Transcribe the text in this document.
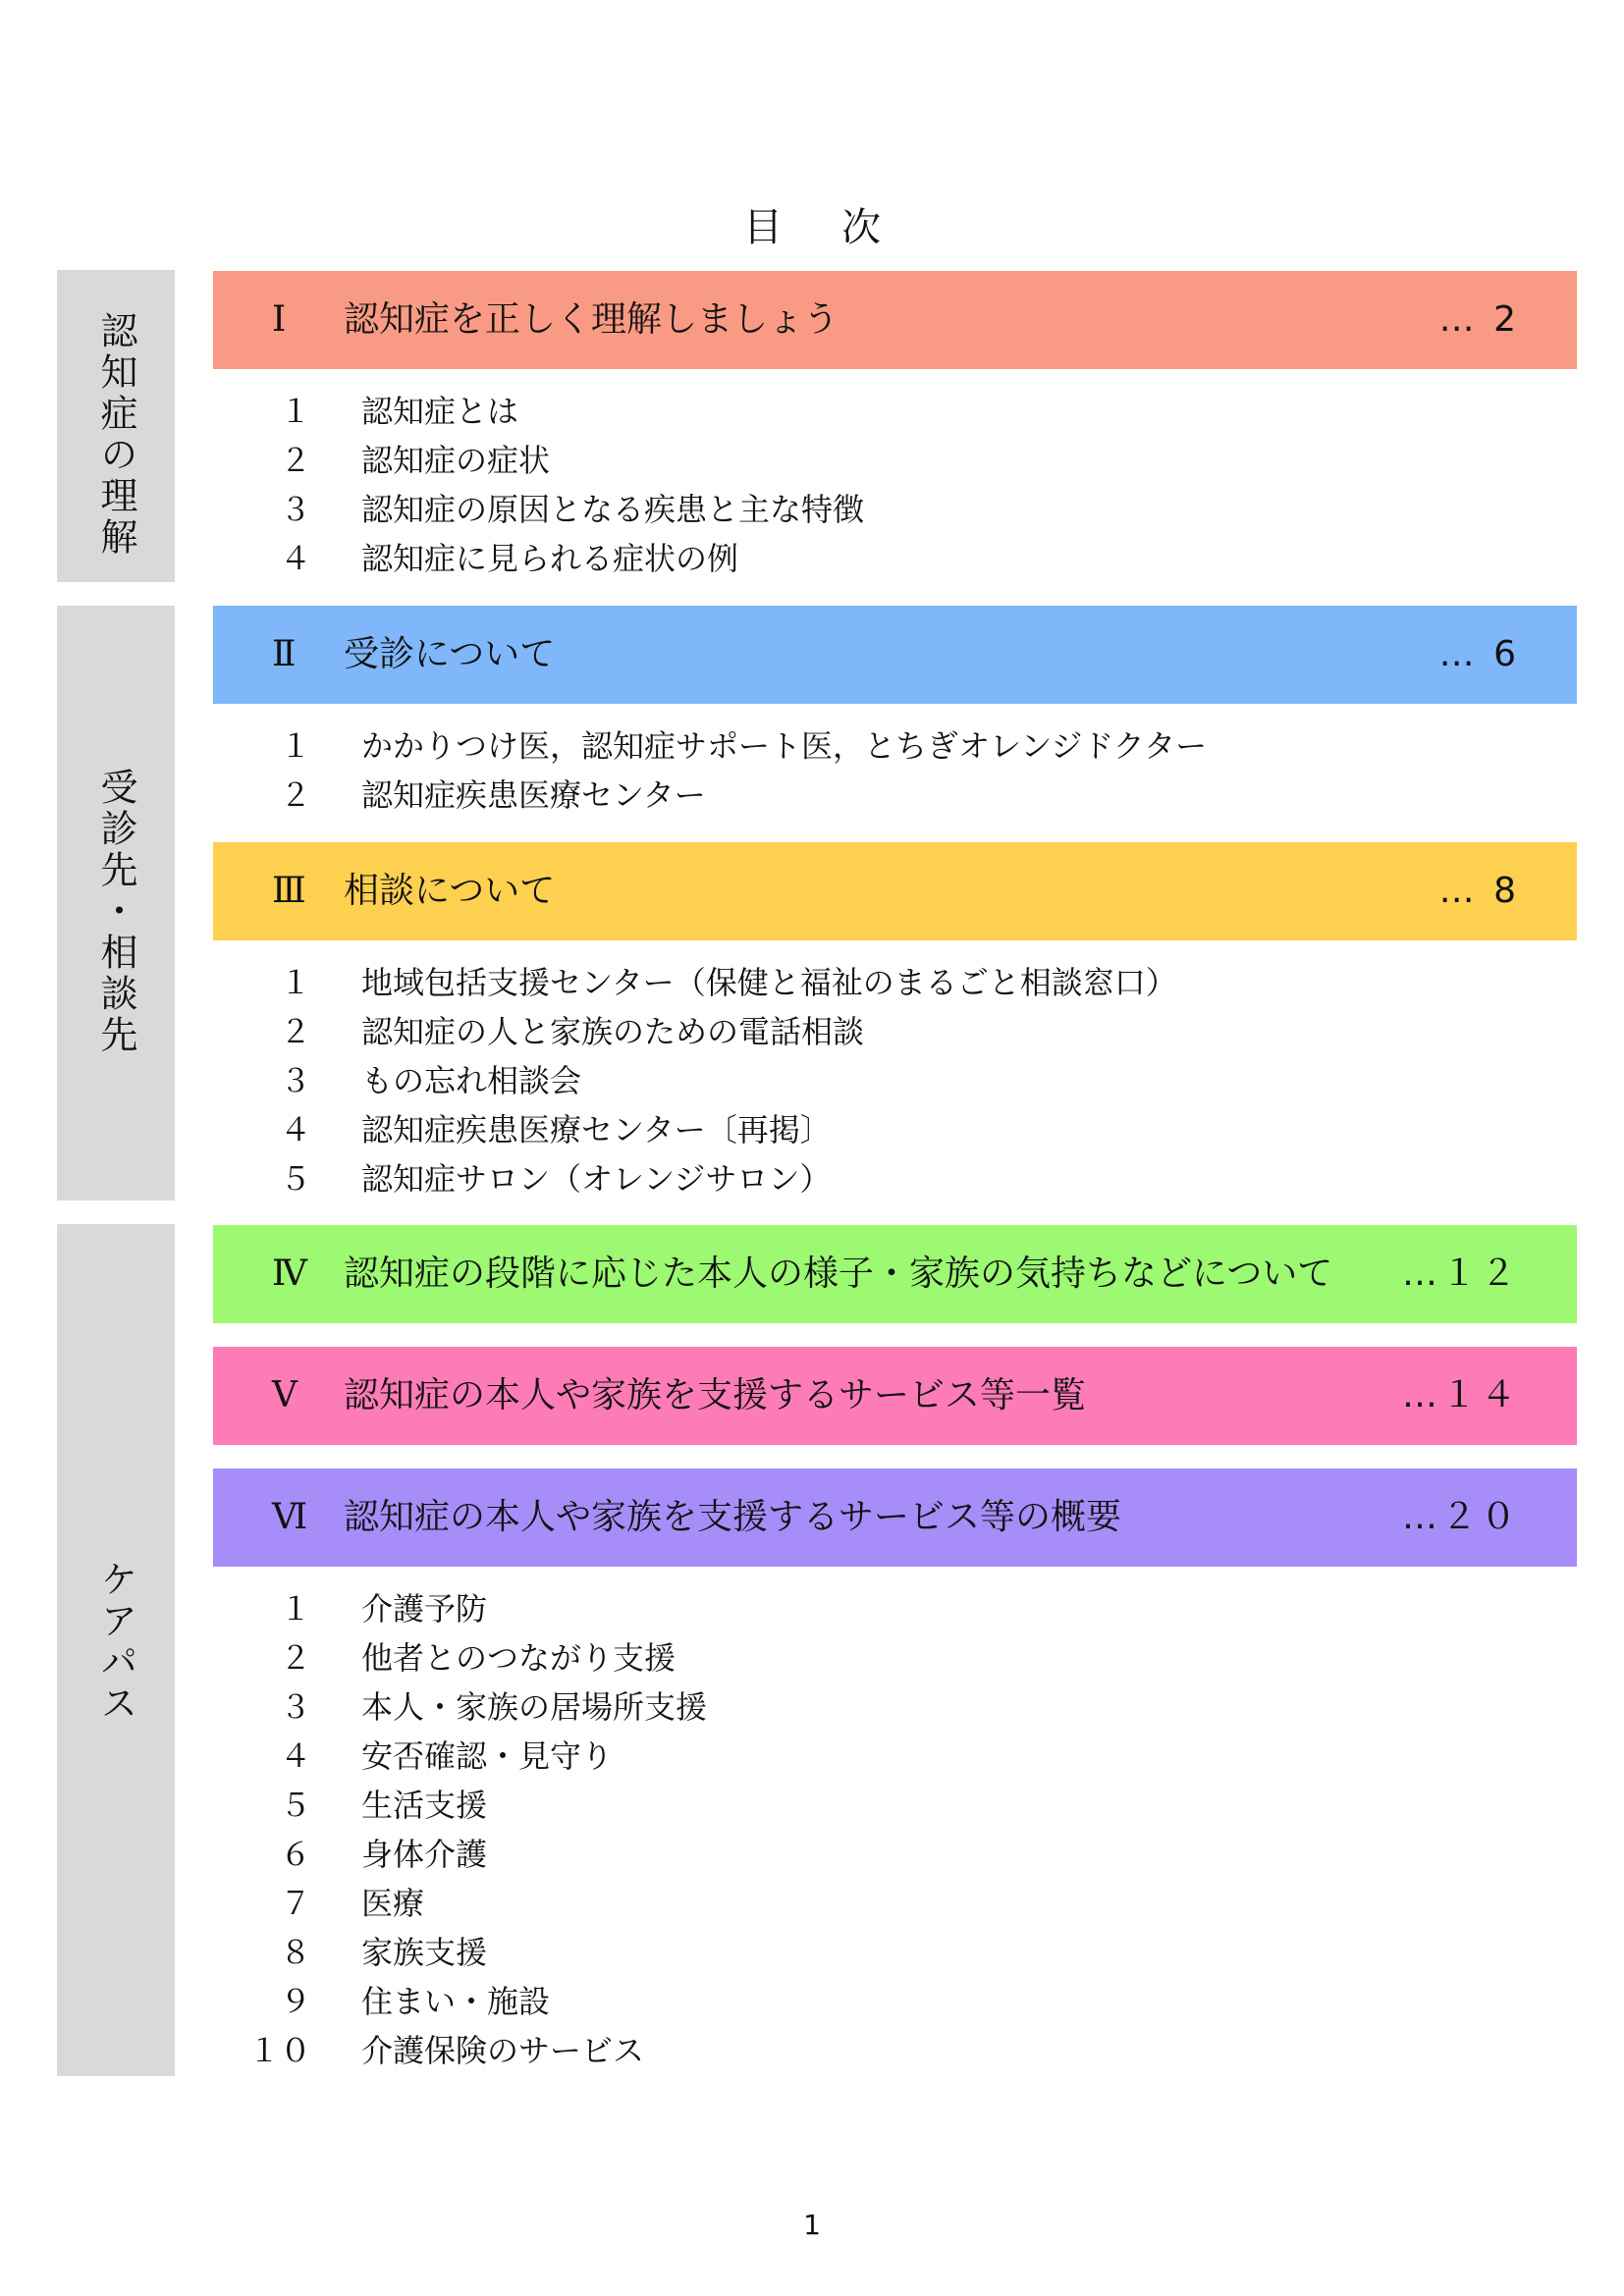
目次
認知症の理解
受診先・相談先
ケアパス
Ⅰ 認知症を正しく理解しましょう	… 2
１ 認知症とは
２ 認知症の症状
３ 認知症の原因となる疾患と主な特徴
４ 認知症に見られる症状の例
Ⅱ 受診について	… 6
１ かかりつけ医，認知症サポート医，とちぎオレンジドクター
２ 認知症疾患医療センター
Ⅲ 相談について	… 8
１ 地域包括支援センター（保健と福祉のまるごと相談窓口）
２ 認知症の人と家族のための電話相談
３ もの忘れ相談会
４ 認知症疾患医療センター〔再掲〕
５ 認知症サロン（オレンジサロン）
Ⅳ 認知症の段階に応じた本人の様子・家族の気持ちなどについて …１２
Ⅴ 認知症の本人や家族を支援するサービス等一覧	…１４
Ⅵ 認知症の本人や家族を支援するサービス等の概要	…２０
１ 介護予防
２ 他者とのつながり支援
３ 本人・家族の居場所支援
４ 安否確認・見守り
５ 生活支援
６ 身体介護
７ 医療
８ 家族支援
９ 住まい・施設
１０ 介護保険のサービス
1
